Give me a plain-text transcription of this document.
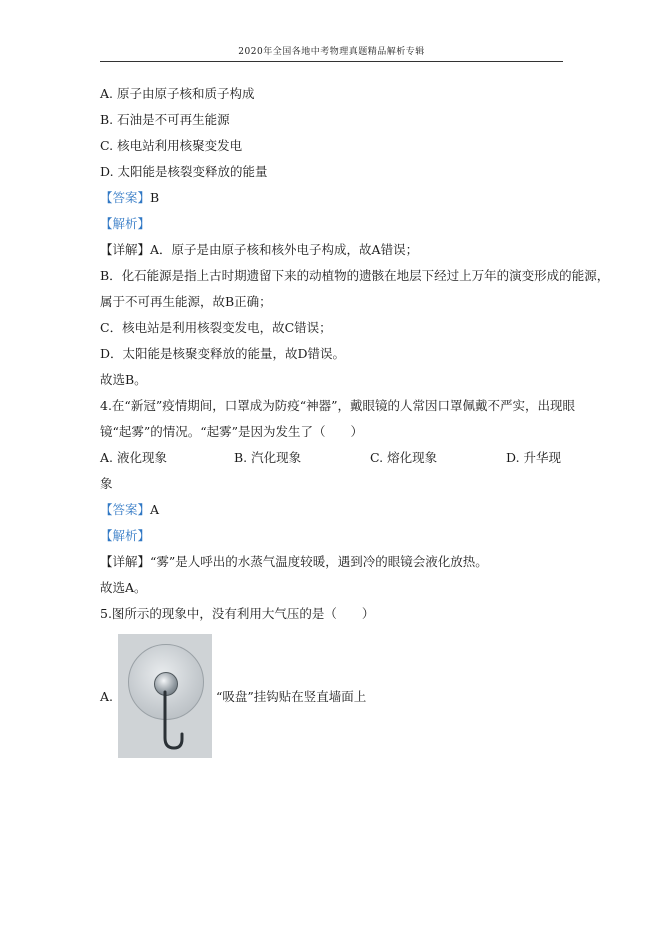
2020年全国各地中考物理真题精品解析专辑
A. 原子由原子核和质子构成
B. 石油是不可再生能源
C. 核电站利用核聚变发电
D. 太阳能是核裂变释放的能量
【答案】B
【解析】
【详解】A．原子是由原子核和核外电子构成，故A错误；
B．化石能源是指上古时期遗留下来的动植物的遗骸在地层下经过上万年的演变形成的能源，
属于不可再生能源，故B正确；
C．核电站是利用核裂变发电，故C错误；
D．太阳能是核聚变释放的能量，故D错误。
故选B。
4.在“新冠”疫情期间，口罩成为防疫“神器”，戴眼镜的人常因口罩佩戴不严实，出现眼
镜“起雾”的情况。“起雾”是因为发生了（　　）
A. 液化现象	B. 汽化现象	C. 熔化现象	D. 升华现
象
【答案】A
【解析】
【详解】“雾”是人呼出的水蒸气温度较暖，遇到冷的眼镜会液化放热。
故选A。
5.图所示的现象中，没有利用大气压的是（　　）
A.	“吸盘”挂钩贴在竖直墙面上
